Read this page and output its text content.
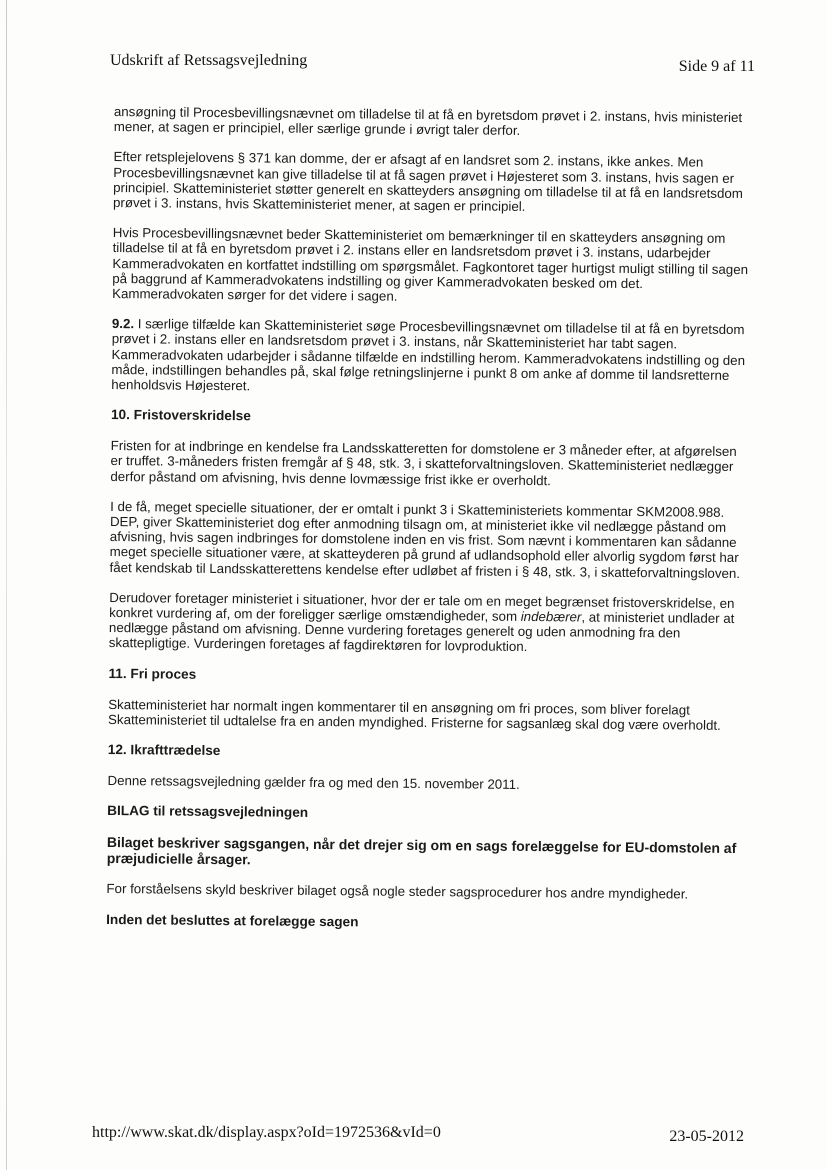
Udskrift af Retssagsvejledning	Side 9 af 11

ansøgning til Procesbevillingsnævnet om tilladelse til at få en byretsdom prøvet i 2. instans, hvis ministeriet mener, at sagen er principiel, eller særlige grunde i øvrigt taler derfor.

Efter retsplejelovens § 371 kan domme, der er afsagt af en landsret som 2. instans, ikke ankes. Men Procesbevillingsnævnet kan give tilladelse til at få sagen prøvet i Højesteret som 3. instans, hvis sagen er principiel. Skatteministeriet støtter generelt en skatteyders ansøgning om tilladelse til at få en landsretsdom prøvet i 3. instans, hvis Skatteministeriet mener, at sagen er principiel.

Hvis Procesbevillingsnævnet beder Skatteministeriet om bemærkninger til en skatteyders ansøgning om tilladelse til at få en byretsdom prøvet i 2. instans eller en landsretsdom prøvet i 3. instans, udarbejder Kammeradvokaten en kortfattet indstilling om spørgsmålet. Fagkontoret tager hurtigst muligt stilling til sagen på baggrund af Kammeradvokatens indstilling og giver Kammeradvokaten besked om det. Kammeradvokaten sørger for det videre i sagen.

9.2. I særlige tilfælde kan Skatteministeriet søge Procesbevillingsnævnet om tilladelse til at få en byretsdom prøvet i 2. instans eller en landsretsdom prøvet i 3. instans, når Skatteministeriet har tabt sagen. Kammeradvokaten udarbejder i sådanne tilfælde en indstilling herom. Kammeradvokatens indstilling og den måde, indstillingen behandles på, skal følge retningslinjerne i punkt 8 om anke af domme til landsretterne henholdsvis Højesteret.

10. Fristoverskridelse

Fristen for at indbringe en kendelse fra Landsskatteretten for domstolene er 3 måneder efter, at afgørelsen er truffet. 3-måneders fristen fremgår af § 48, stk. 3, i skatteforvaltningsloven. Skatteministeriet nedlægger derfor påstand om afvisning, hvis denne lovmæssige frist ikke er overholdt.

I de få, meget specielle situationer, der er omtalt i punkt 3 i Skatteministeriets kommentar SKM2008.988. DEP, giver Skatteministeriet dog efter anmodning tilsagn om, at ministeriet ikke vil nedlægge påstand om afvisning, hvis sagen indbringes for domstolene inden en vis frist. Som nævnt i kommentaren kan sådanne meget specielle situationer være, at skatteyderen på grund af udlandsophold eller alvorlig sygdom først har fået kendskab til Landsskatterettens kendelse efter udløbet af fristen i § 48, stk. 3, i skatteforvaltningsloven.

Derudover foretager ministeriet i situationer, hvor der er tale om en meget begrænset fristoverskridelse, en konkret vurdering af, om der foreligger særlige omstændigheder, som indebærer, at ministeriet undlader at nedlægge påstand om afvisning. Denne vurdering foretages generelt og uden anmodning fra den skattepligtige. Vurderingen foretages af fagdirektøren for lovproduktion.

11. Fri proces

Skatteministeriet har normalt ingen kommentarer til en ansøgning om fri proces, som bliver forelagt Skatteministeriet til udtalelse fra en anden myndighed. Fristerne for sagsanlæg skal dog være overholdt.

12. Ikrafttrædelse

Denne retssagsvejledning gælder fra og med den 15. november 2011.

BILAG til retssagsvejledningen
Bilaget beskriver sagsgangen, når det drejer sig om en sags forelæggelse for EU-domstolen af præjudicielle årsager.

For forståelsens skyld beskriver bilaget også nogle steder sagsprocedurer hos andre myndigheder.

Inden det besluttes at forelægge sagen
http://www.skat.dk/display.aspx?oId=1972536&vId=0	23-05-2012
